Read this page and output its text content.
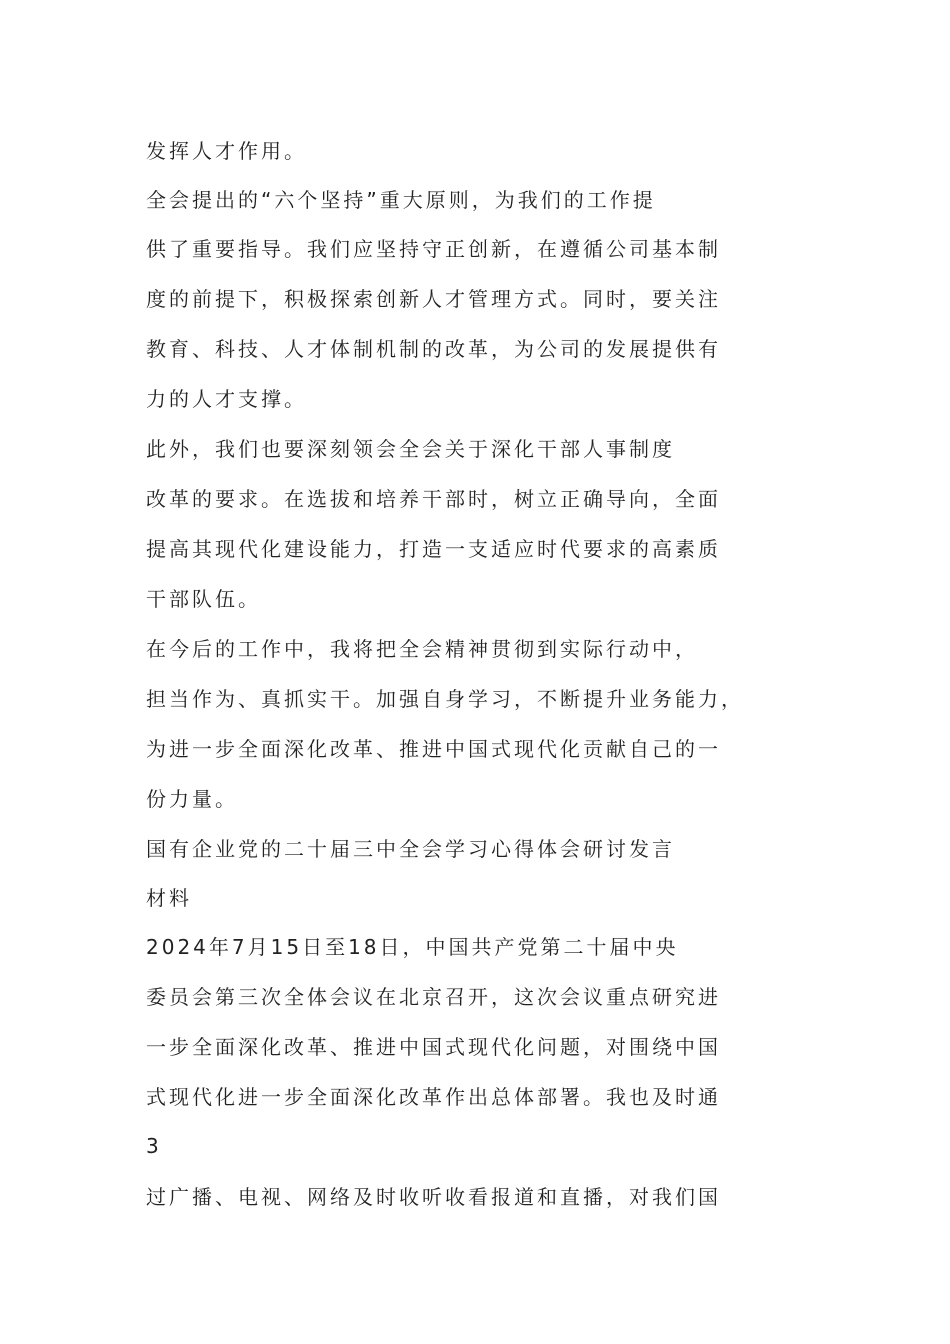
发挥人才作用。
全会提出的“六个坚持”重大原则，为我们的工作提
供了重要指导。我们应坚持守正创新，在遵循公司基本制
度的前提下，积极探索创新人才管理方式。同时，要关注
教育、科技、人才体制机制的改革，为公司的发展提供有
力的人才支撑。
此外，我们也要深刻领会全会关于深化干部人事制度
改革的要求。在选拔和培养干部时，树立正确导向，全面
提高其现代化建设能力，打造一支适应时代要求的高素质
干部队伍。
在今后的工作中，我将把全会精神贯彻到实际行动中，
担当作为、真抓实干。加强自身学习，不断提升业务能力，
为进一步全面深化改革、推进中国式现代化贡献自己的一
份力量。
国有企业党的二十届三中全会学习心得体会研讨发言
材料
2024年7月15日至18日，中国共产党第二十届中央
委员会第三次全体会议在北京召开，这次会议重点研究进
一步全面深化改革、推进中国式现代化问题，对围绕中国
式现代化进一步全面深化改革作出总体部署。我也及时通
3
过广播、电视、网络及时收听收看报道和直播，对我们国
